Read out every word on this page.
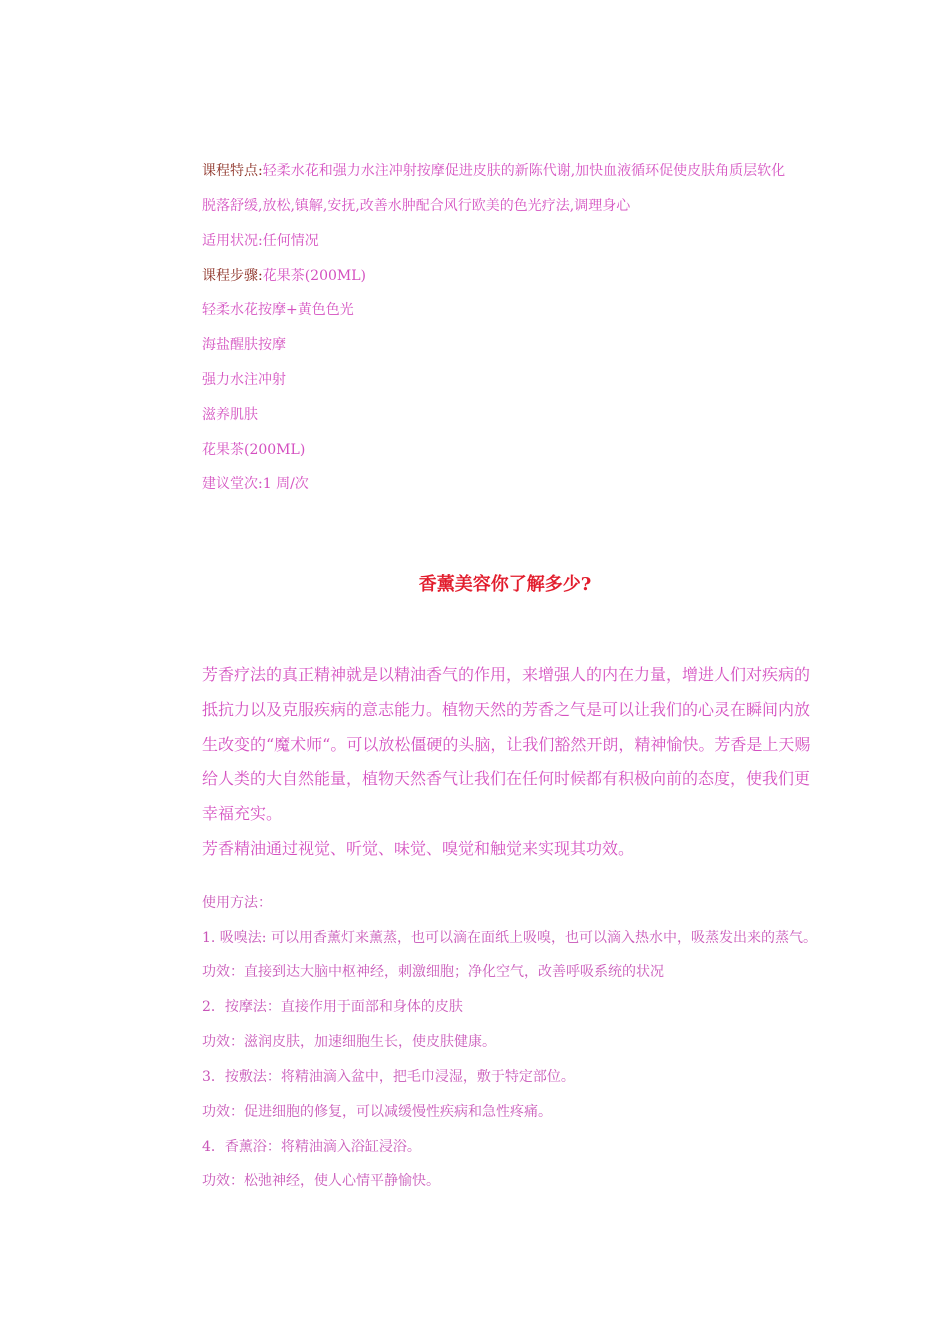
课程特点:轻柔水花和强力水注冲射按摩促进皮肤的新陈代谢,加快血液循环促使皮肤角质层软化
脱落舒缓,放松,镇解,安抚,改善水肿配合风行欧美的色光疗法,调理身心
适用状况:任何情况
课程步骤:花果茶(200ML)
轻柔水花按摩+黄色色光
海盐醒肤按摩
强力水注冲射
滋养肌肤
花果茶(200ML)
建议堂次:1 周/次
香薰美容你了解多少?
芳香疗法的真正精神就是以精油香气的作用，来增强人的内在力量，增进人们对疾病的
抵抗力以及克服疾病的意志能力。植物天然的芳香之气是可以让我们的心灵在瞬间内放
生改变的“魔术师“。可以放松僵硬的头脑，让我们豁然开朗，精神愉快。芳香是上天赐
给人类的大自然能量，植物天然香气让我们在任何时候都有积极向前的态度，使我们更
幸福充实。
芳香精油通过视觉、听觉、味觉、嗅觉和触觉来实现其功效。
使用方法：
1. 吸嗅法: 可以用香薰灯来薰蒸，也可以滴在面纸上吸嗅，也可以滴入热水中，吸蒸发出来的蒸气。
功效：直接到达大脑中枢神经，刺激细胞；净化空气，改善呼吸系统的状况
2．按摩法：直接作用于面部和身体的皮肤
功效：滋润皮肤，加速细胞生长，使皮肤健康。
3．按敷法：将精油滴入盆中，把毛巾浸湿，敷于特定部位。
功效：促进细胞的修复，可以减缓慢性疾病和急性疼痛。
4．香薰浴：将精油滴入浴缸浸浴。
功效：松弛神经，使人心情平静愉快。
